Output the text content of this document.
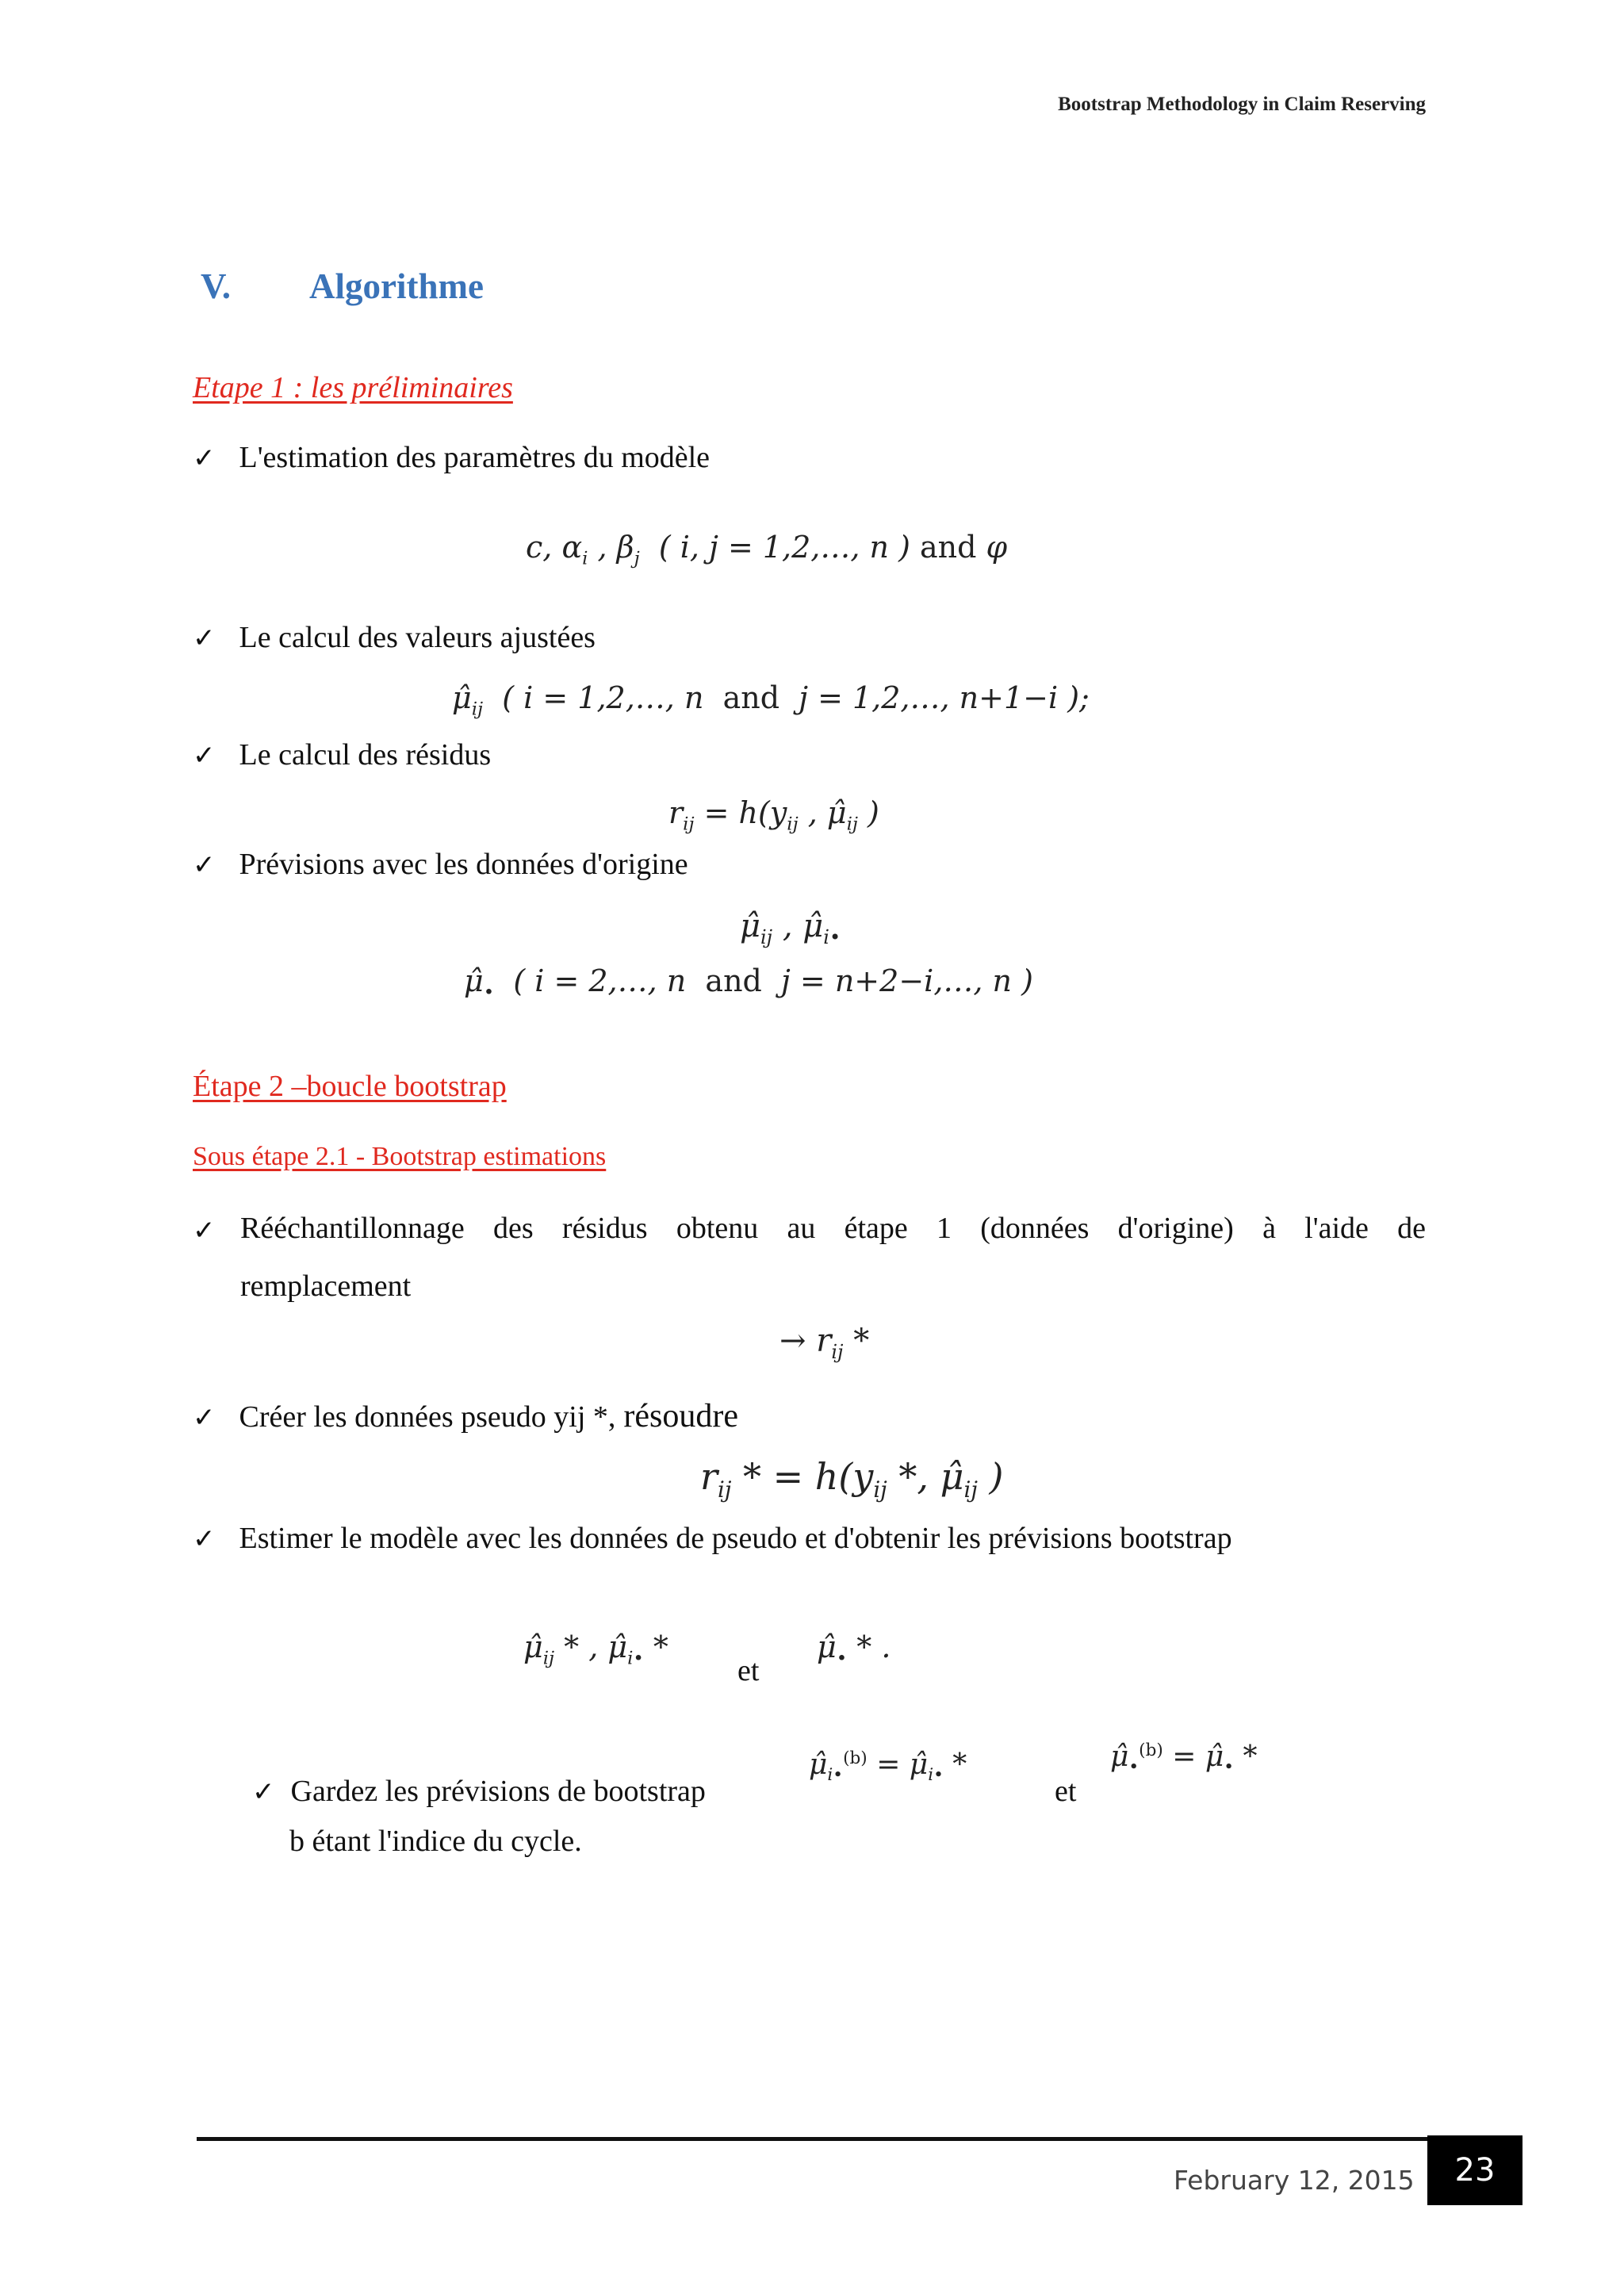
Bootstrap Methodology in Claim Reserving
V. Algorithme
Etape 1 : les préliminaires
✓ L'estimation des paramètres du modèle
c, $\alpha_i$ , $\beta_j$  ( i, j = 1,2,…, n ) and φ
✓ Le calcul des valeurs ajustées
$\mû_{ij}$  ( i = 1,2,…, n  and  j = 1,2,…, n+1−i );
✓ Le calcul des résidus
$r_{ij} = h(y_{ij}$ , $\mû_{ij}$ )
✓ Prévisions avec les données d'origine
$\mû_{ij}$ , $\mû_{i•}$
$\mû_•$  ( i = 2,…, n  and  j = n+2−i,…, n )
Étape 2 –boucle bootstrap
Sous étape 2.1 - Bootstrap estimations
✓ Rééchantillonnage des résidus obtenu au étape 1 (données d'origine) à l'aide de
remplacement
→ $r_{ij}$ *
✓ Créer les données pseudo yij *, résoudre
$r_{ij}$ * = $h(y_{ij}$ *, $\mû_{ij}$ )
✓ Estimer le modèle avec les données de pseudo et d'obtenir les prévisions bootstrap
$\mû_{ij}$ * , $\mû_{i•}$ *
et
$\mû_•$ * .
✓ Gardez les prévisions de bootstrap
$\mû_{i•}^{(b)}$ = $\mû_{i•}$ *
et
$\mû_•^{(b)}$ = $\mû_•$ *
b étant l'indice du cycle.
February 12, 2015	23
